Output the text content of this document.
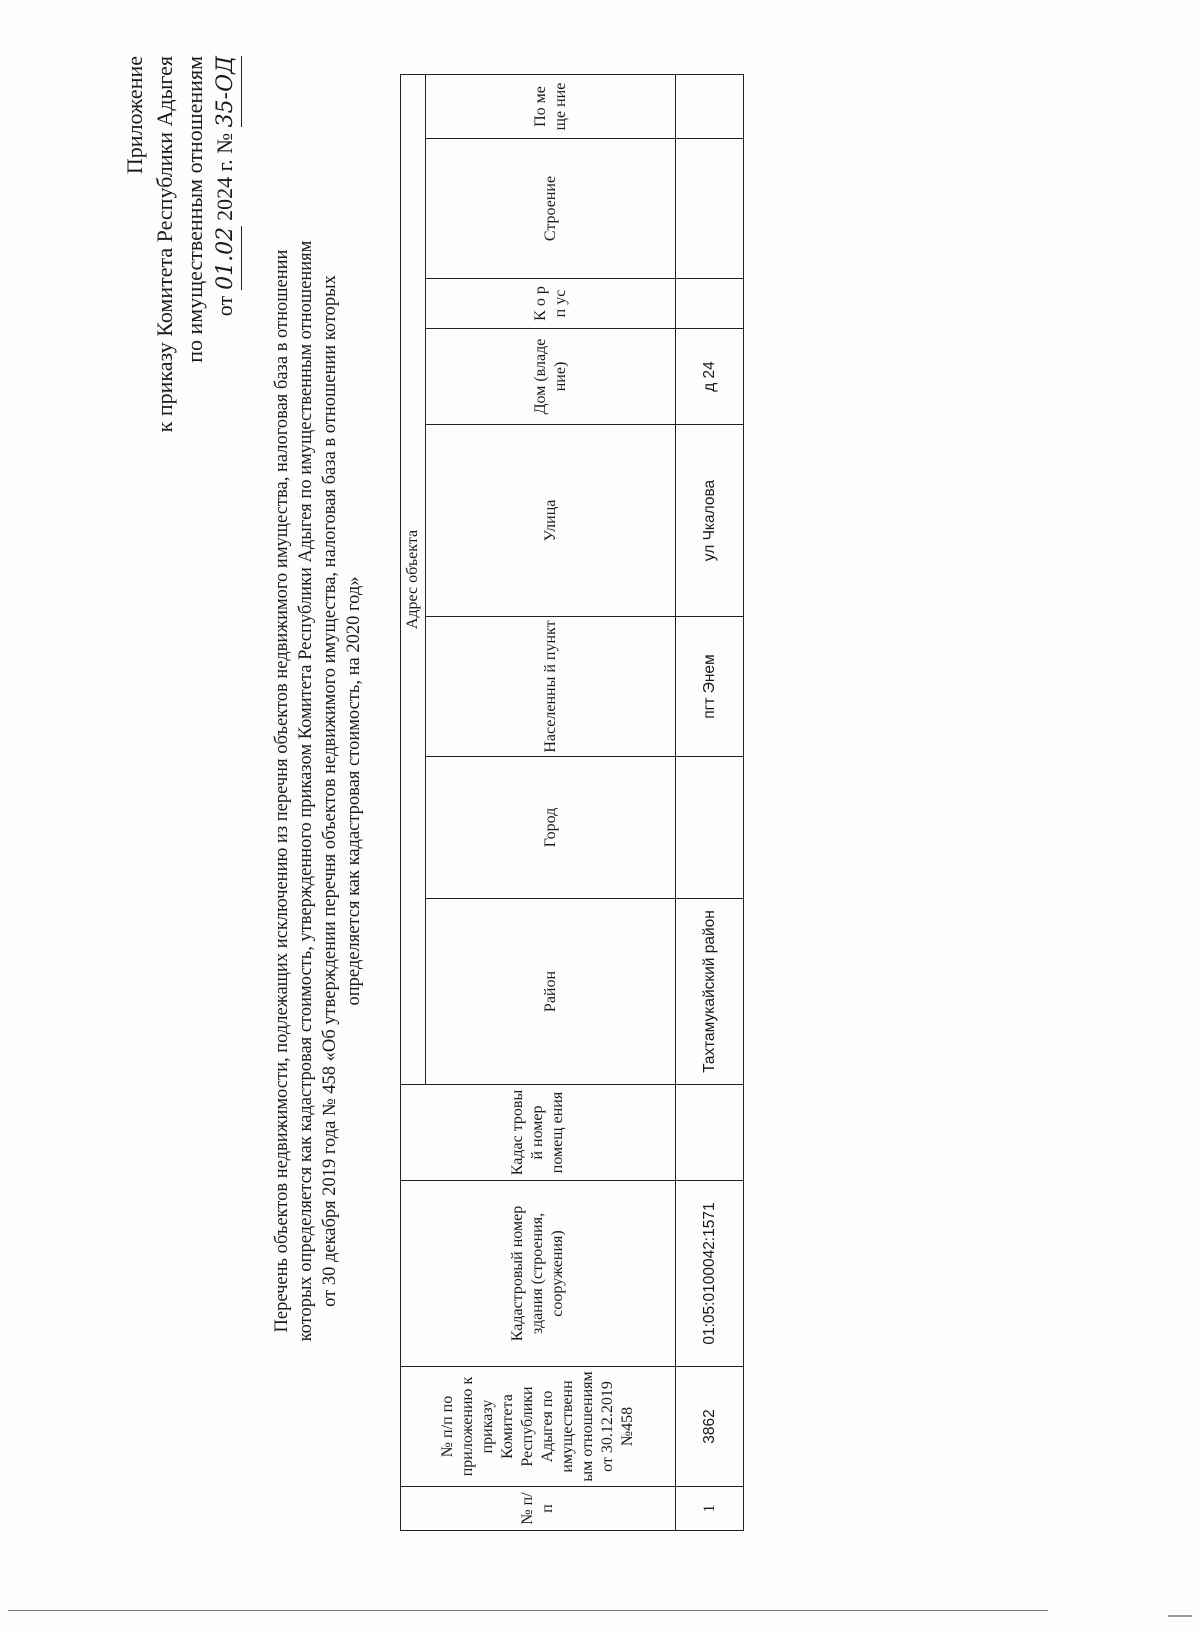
Приложение к приказу Комитета Республики Адыгея по имущественным отношениям от 01.02 2024 г. № 35-ОД
Перечень объектов недвижимости, подлежащих исключению из перечня объектов недвижимого имущества, налоговая база в отношении которых определяется как кадастровая стоимость, утвержденного приказом Комитета Республики Адыгея по имущественным отношениям от 30 декабря 2019 года № 458 «Об утверждении перечня объектов недвижимого имущества, налоговая база в отношении которых определяется как кадастровая стоимость, на 2020 год»
№ п/п	№ п/п по приложению к приказу Комитета Республики Адыгея по имущественн ым отношениям от 30.12.2019 №458	Кадастровый номер здания (строения, сооружения)	Кадас тровы й номер помещ ения	Адрес объекта							
				Район	Город	Населенны й пункт	Улица	Дом (владе ние)	К о р п ус	Строение	По ме ще ние
1	3862	01:05:0100042:1571		Тахтамукайский район		пгт Энем	ул Чкалова	д 24			
